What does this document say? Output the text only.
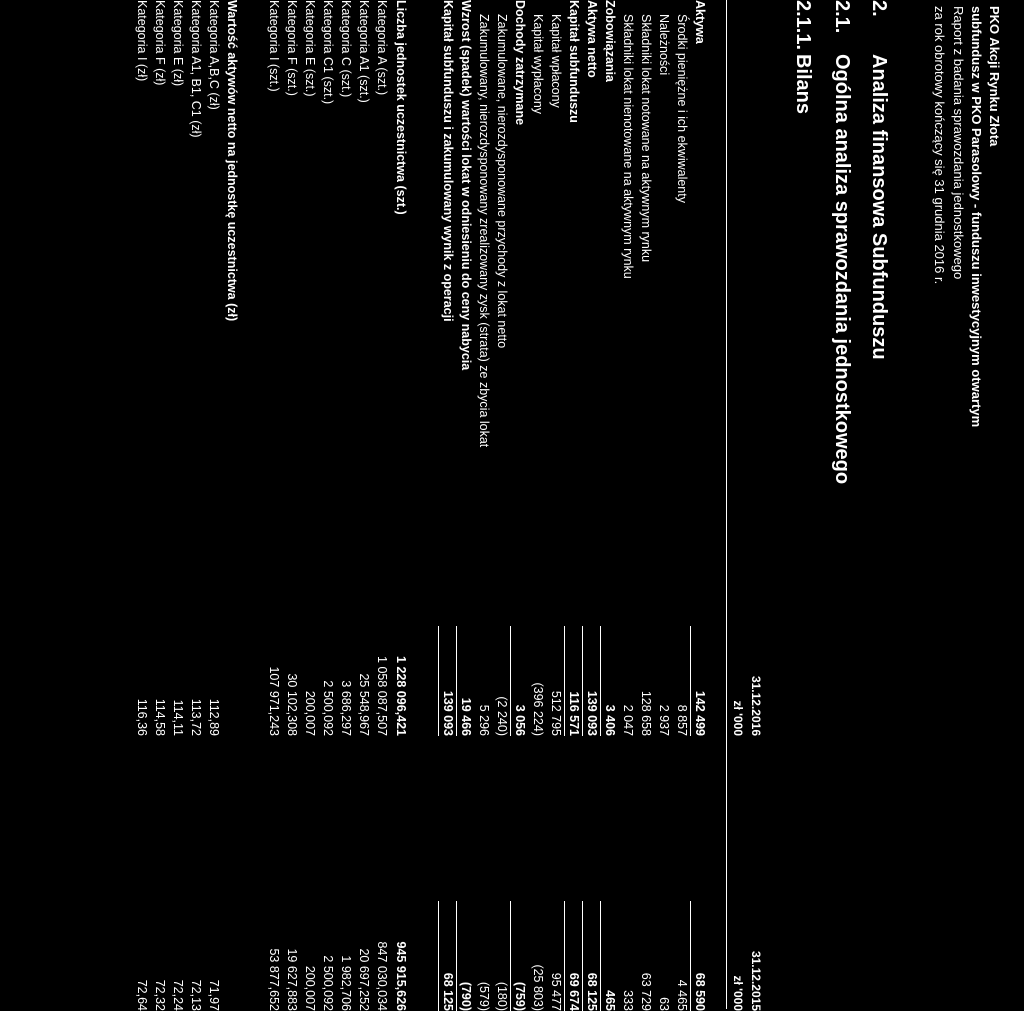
PKO Akcji Rynku Złota
subfundusz w PKO Parasolowy - funduszu inwestycyjnym otwartym
Raport z badania sprawozdania jednostkowego
za rok obrotowy kończący się 31 grudnia 2016 r.
2.
Analiza finansowa Subfunduszu
2.1.
Ogólna analiza sprawozdania jednostkowego
2.1.1.
Bilans
31.12.2016
zł '000
31.12.2015
zł '000
Aktywa
142 499
68 590
Środki pieniężne i ich ekwiwalenty
8 857
4 465
Należności
2 937
63
Składniki lokat notowane na aktywnym rynku
128 658
63 729
Składniki lokat nienotowane na aktywnym rynku
2 047
333
Zobowiązania
3 406
465
Aktywa netto
139 093
68 125
Kapitał subfunduszu
116 571
69 674
Kapitał wpłacony
512 795
95 477
Kapitał wypłacony
(396 224)
(25 803)
Dochody zatrzymane
3 056
(759)
Zakumulowane, nierozdysponowane przychody z lokat netto
(2 240)
(180)
Zakumulowany, nierozdysponowany zrealizowany zysk (strata) ze zbycia lokat
5 296
(579)
Wzrost (spadek) wartości lokat w odniesieniu do ceny nabycia
19 466
(790)
Kapitał subfunduszu i zakumulowany wynik z operacji
139 093
68 125
Liczba jednostek uczestnictwa (szt.)
1 228 096,421
945 915,626
Kategoria A (szt.)
1 058 087,507
847 030,034
Kategoria A1 (szt.)
25 548,967
20 697,252
Kategoria C (szt.)
3 686,297
1 982,706
Kategoria C1 (szt.)
2 500,092
2 500,092
Kategoria E (szt.)
200,007
200,007
Kategoria F (szt.)
30 102,308
19 627,883
Kategoria I (szt.)
107 971,243
53 877,652
Wartość aktywów netto na jednostkę uczestnictwa (zł)
Kategoria A,B,C (zł)
112,89
71,97
Kategoria A1, B1, C1 (zł)
113,72
72,13
Kategoria E (zł)
114,11
72,24
Kategoria F (zł)
114,58
72,32
Kategoria I (zł)
116,36
72,64
